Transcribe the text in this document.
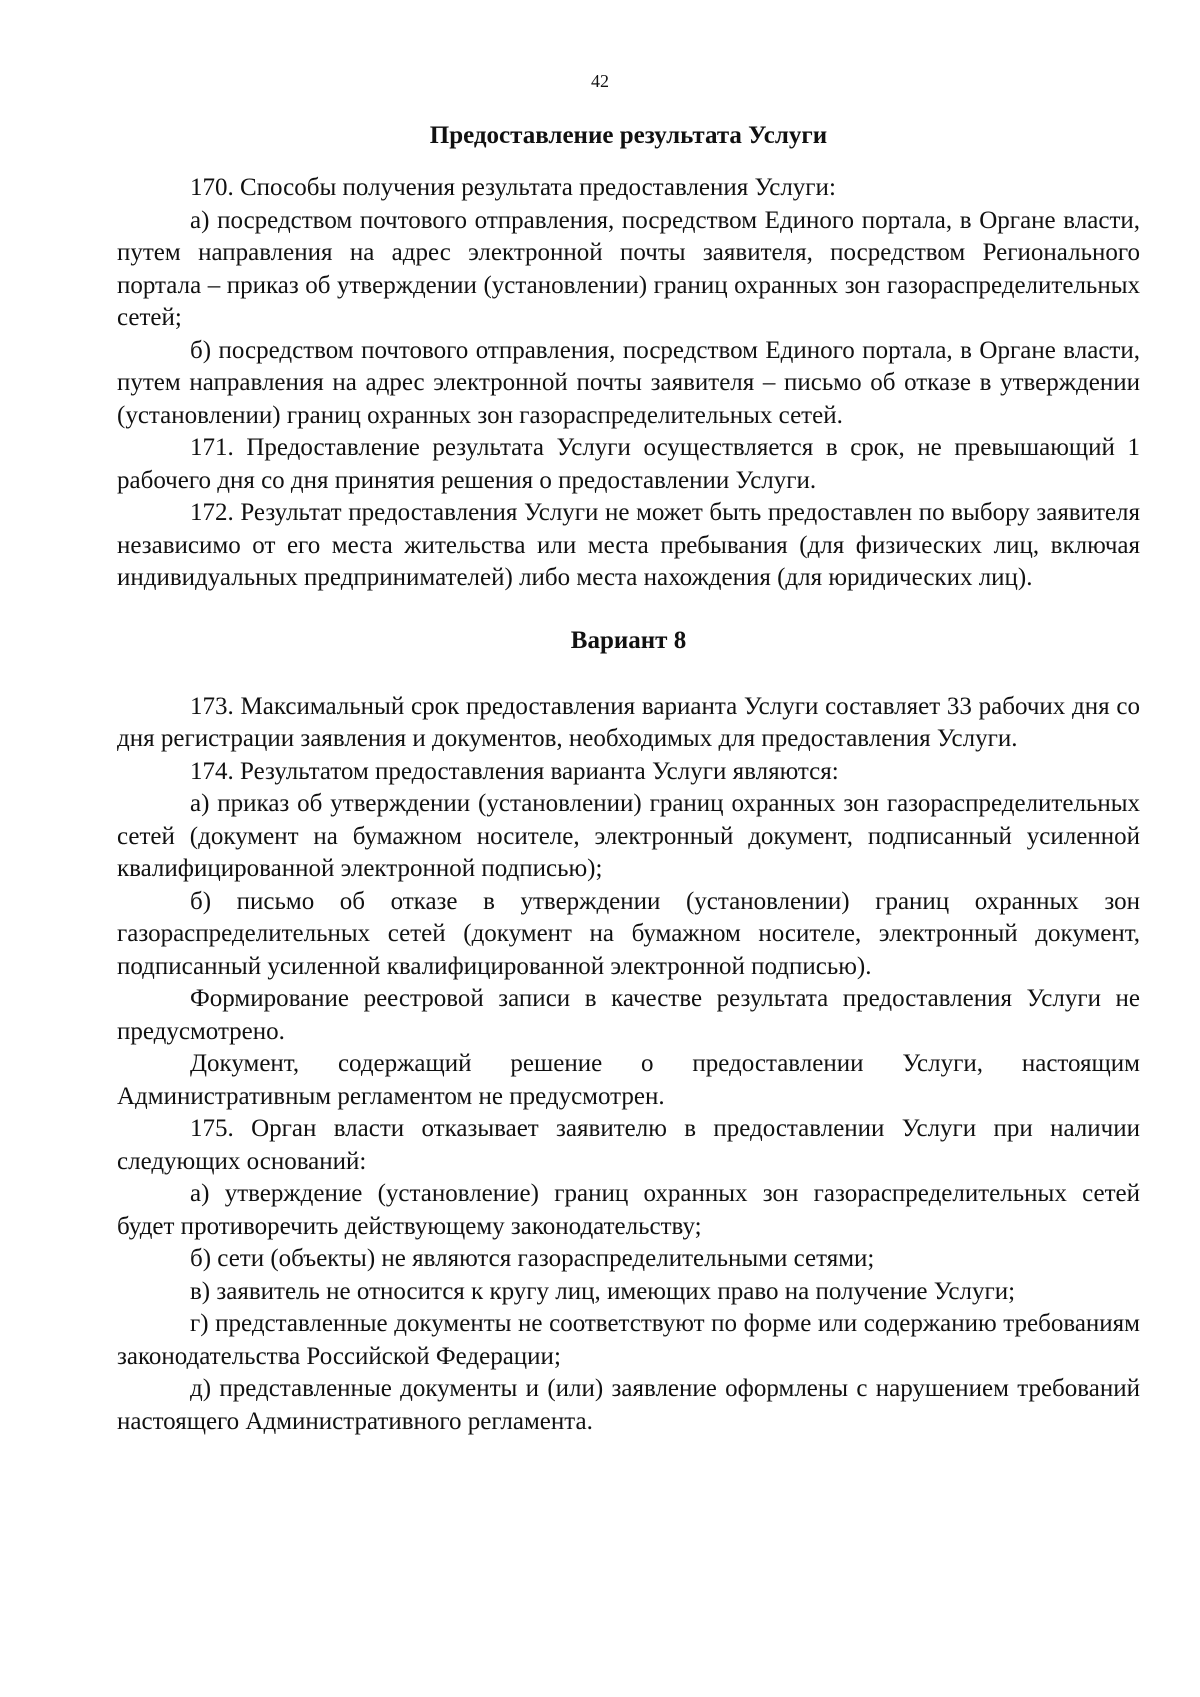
42
Предоставление результата Услуги

170. Способы получения результата предоставления Услуги:

а) посредством почтового отправления, посредством Единого портала, в Органе власти, путем направления на адрес электронной почты заявителя, посредством Регионального портала – приказ об утверждении (установлении) границ охранных зон газораспределительных сетей;

б) посредством почтового отправления, посредством Единого портала, в Органе власти, путем направления на адрес электронной почты заявителя – письмо об отказе в утверждении (установлении) границ охранных зон газораспределительных сетей.

171. Предоставление результата Услуги осуществляется в срок, не превышающий 1 рабочего дня со дня принятия решения о предоставлении Услуги.

172. Результат предоставления Услуги не может быть предоставлен по выбору заявителя независимо от его места жительства или места пребывания (для физических лиц, включая индивидуальных предпринимателей) либо места нахождения (для юридических лиц).

Вариант 8

173. Максимальный срок предоставления варианта Услуги составляет 33 рабочих дня со дня регистрации заявления и документов, необходимых для предоставления Услуги.

174. Результатом предоставления варианта Услуги являются:

а) приказ об утверждении (установлении) границ охранных зон газораспределительных сетей (документ на бумажном носителе, электронный документ, подписанный усиленной квалифицированной электронной подписью);

б) письмо об отказе в утверждении (установлении) границ охранных зон газораспределительных сетей (документ на бумажном носителе, электронный документ, подписанный усиленной квалифицированной электронной подписью).

Формирование реестровой записи в качестве результата предоставления Услуги не предусмотрено.

Документ, содержащий решение о предоставлении Услуги, настоящим Административным регламентом не предусмотрен.

175. Орган власти отказывает заявителю в предоставлении Услуги при наличии следующих оснований:

а) утверждение (установление) границ охранных зон газораспределительных сетей будет противоречить действующему законодательству;

б) сети (объекты) не являются газораспределительными сетями;

в) заявитель не относится к кругу лиц, имеющих право на получение Услуги;

г) представленные документы не соответствуют по форме или содержанию требованиям законодательства Российской Федерации;

д) представленные документы и (или) заявление оформлены с нарушением требований настоящего Административного регламента.
